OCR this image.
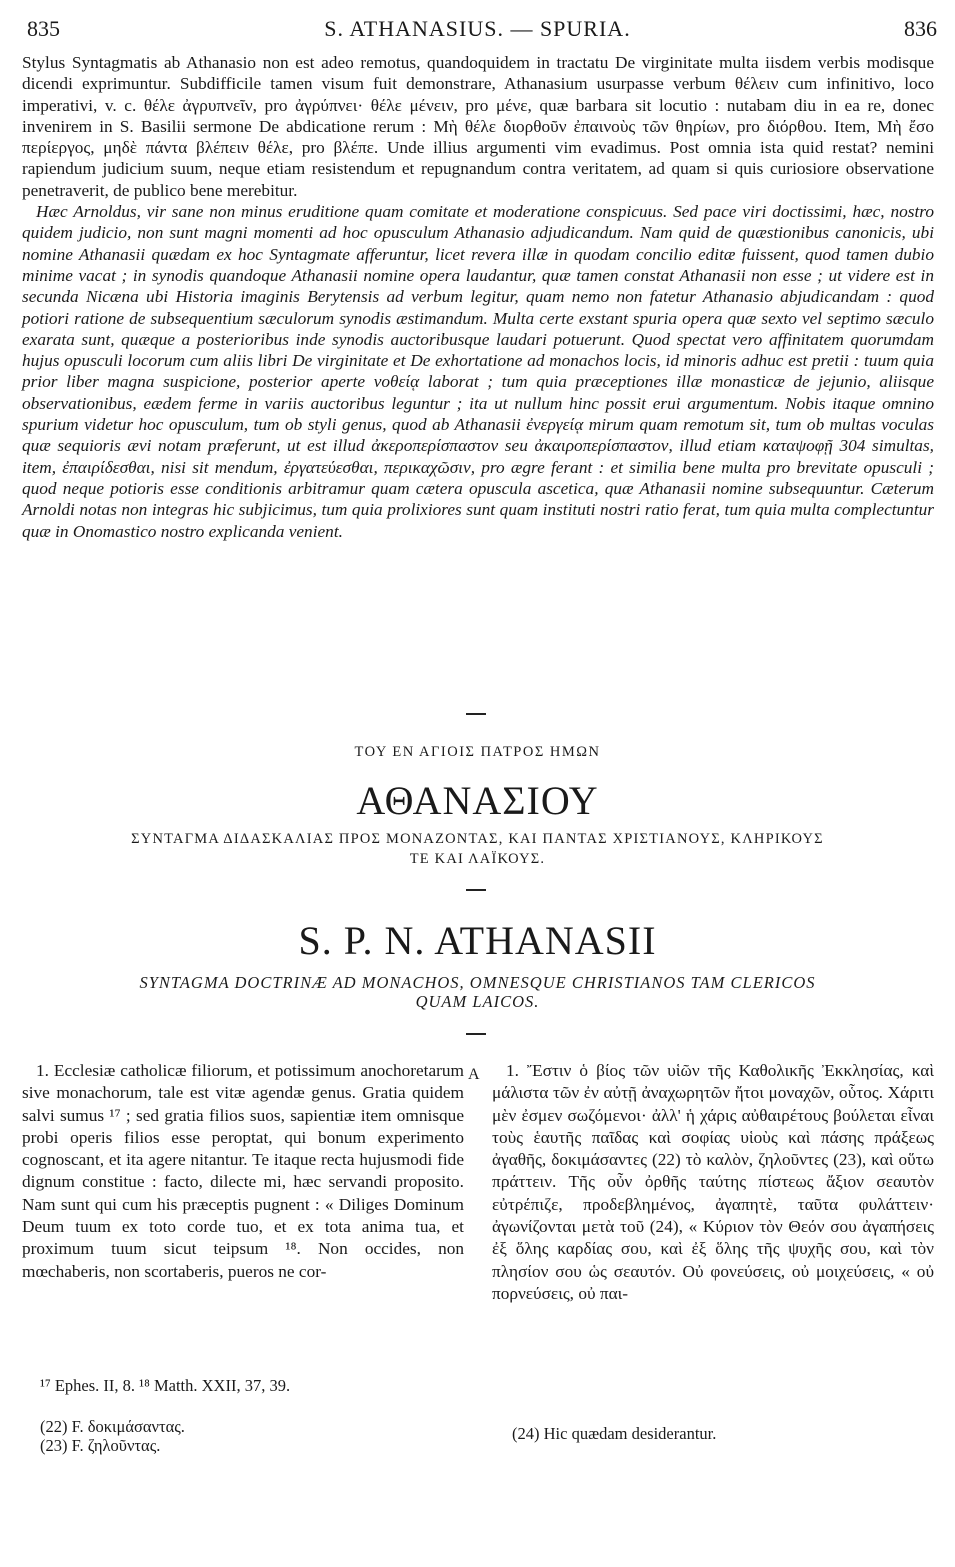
835	S. ATHANASIUS. — SPURIA.	836

Stylus Syntagmatis ab Athanasio non est adeo remotus, quandoquidem in tractatu De virginitate multa iisdem verbis modisque dicendi exprimuntur. Subdifficile tamen visum fuit demonstrare, Athanasium usurpasse verbum θέλειν cum infinitivo, loco imperativi, v. c. θέλε ἀγρυπνεῖν, pro ἀγρύπνει· θέλε μένειν, pro μένε, quæ barbara sit locutio : nutabam diu in ea re, donec invenirem in S. Basilii sermone De abdicatione rerum : Μὴ θέλε διορθοῦν ἐπαινοὺς τῶν θηρίων, pro διόρθου. Item, Μὴ ἔσο περίεργος, μηδὲ πάντα βλέπειν θέλε, pro βλέπε. Unde illius argumenti vim evadimus. Post omnia ista quid restat? nemini rapiendum judicium suum, neque etiam resistendum et repugnandum contra veritatem, ad quam si quis curiosiore observatione penetraverit, de publico bene merebitur.

Hæc Arnoldus, vir sane non minus eruditione quam comitate et moderatione conspicuus. Sed pace viri doctissimi, hæc, nostro quidem judicio, non sunt magni momenti ad hoc opusculum Athanasio adjudicandum. Nam quid de quæstionibus canonicis, ubi nomine Athanasii quædam ex hoc Syntagmate afferuntur, licet revera illæ in quodam concilio editæ fuissent, quod tamen dubio minime vacat ; in synodis quandoque Athanasii nomine opera laudantur, quæ tamen constat Athanasii non esse ; ut videre est in secunda Nicæna ubi Historia imaginis Berytensis ad verbum legitur, quam nemo non fatetur Athanasio abjudicandam : quod potiori ratione de subsequentium sæculorum synodis æstimandum. Multa certe exstant spuria opera quæ sexto vel septimo sæculo exarata sunt, quæque a posterioribus inde synodis auctoribusque laudari potuerunt. Quod spectat vero affinitatem quorumdam hujus opusculi locorum cum aliis libri De virginitate et De exhortatione ad monachos locis, id minoris adhuc est pretii : tuum quia prior liber magna suspicione, posterior aperte νοθείᾳ laborat ; tum quia præceptiones illæ monasticæ de jejunio, aliisque observationibus, eædem ferme in variis auctoribus leguntur ; ita ut nullum hinc possit erui argumentum. Nobis itaque omnino spurium videtur hoc opusculum, tum ob styli genus, quod ab Athanasii ἐνεργείᾳ mirum quam remotum sit, tum ob multas voculas quæ sequioris ævi notam præferunt, ut est illud ἀκεροπερίσπαστον seu ἀκαιροπερίσπαστον, illud etiam καταψοφῇ 304 simultas, item, ἐπαιρίδεσθαι, nisi sit mendum, ἐργατεύεσθαι, περικαχῶσιν, pro ægre ferant : et similia bene multa pro brevitate opusculi ; quod neque potioris esse conditionis arbitramur quam cætera opuscula ascetica, quæ Athanasii nomine subsequuntur. Cæterum Arnoldi notas non integras hic subjicimus, tum quia prolixiores sunt quam instituti nostri ratio ferat, tum quia multa complectuntur quæ in Onomastico nostro explicanda venient.

ΤΟΥ ΕΝ ΑΓΙΟΙΣ ΠΑΤΡΟΣ ΗΜΩΝ
ΑΘΑΝΑΣΙΟΥ
ΣΥΝΤΑΓΜΑ ΔΙΔΑΣΚΑΛΙΑΣ ΠΡΟΣ ΜΟΝΑΖΟΝΤΑΣ, ΚΑΙ ΠΑΝΤΑΣ ΧΡΙΣΤΙΑΝΟΥΣ, ΚΛΗΡΙΚΟΥΣ
ΤΕ ΚΑΙ ΛΑΪΚΟΥΣ.
S. P. N. ATHANASII
SYNTAGMA DOCTRINÆ AD MONACHOS, OMNESQUE CHRISTIANOS TAM CLERICOS
QUAM LAICOS.

1. Ecclesiæ catholicæ filiorum, et potissimum anochoretarum sive monachorum, tale est vitæ agendæ genus. Gratia quidem salvi sumus ¹⁷ ; sed gratia filios suos, sapientiæ item omnisque probi operis filios esse peroptat, qui bonum experimento cognoscant, et ita agere nitantur. Te itaque recta hujusmodi fide dignum constitue : facto, dilecte mi, hæc servandi proposito. Nam sunt qui cum his præceptis pugnent : « Diliges Dominum Deum tuum ex toto corde tuo, et ex tota anima tua, et proximum tuum sicut teipsum ¹⁸. Non occides, non mœchaberis, non scortaberis, pueros ne cor-

A	1. Ἔστιν ὁ βίος τῶν υἱῶν τῆς Καθολικῆς Ἐκκλησίας, καὶ μάλιστα τῶν ἐν αὐτῇ ἀναχωρητῶν ἤτοι μοναχῶν, οὗτος. Χάριτι μὲν ἐσμεν σωζόμενοι· ἀλλ' ἡ χάρις αὐθαιρέτους βούλεται εἶναι τοὺς ἑαυτῆς παῖδας καὶ σοφίας υἱοὺς καὶ πάσης πράξεως ἀγαθῆς, δοκιμάσαντες (22) τὸ καλὸν, ζηλοῦντες (23), καὶ οὕτω πράττειν. Τῆς οὖν ὀρθῆς ταύτης πίστεως ἄξιον σεαυτὸν εὐτρέπιζε, προδεβλημένος, ἀγαπητὲ, ταῦτα φυλάττειν· ἀγωνίζονται μετὰ τοῦ (24), « Κύριον τὸν Θεόν σου ἀγαπήσεις ἐξ ὅλης καρδίας σου, καὶ ἐξ ὅλης τῆς ψυχῆς σου, καὶ τὸν πλησίον σου ὡς σεαυτόν. Οὐ φονεύσεις, οὐ μοιχεύσεις, « οὐ πορνεύσεις, οὐ παι-

¹⁷ Ephes. II, 8. ¹⁸ Matth. XXII, 37, 39.

(22) F. δοκιμάσαντας.

(23) F. ζηλοῦντας.

(24) Hic quædam desiderantur.
